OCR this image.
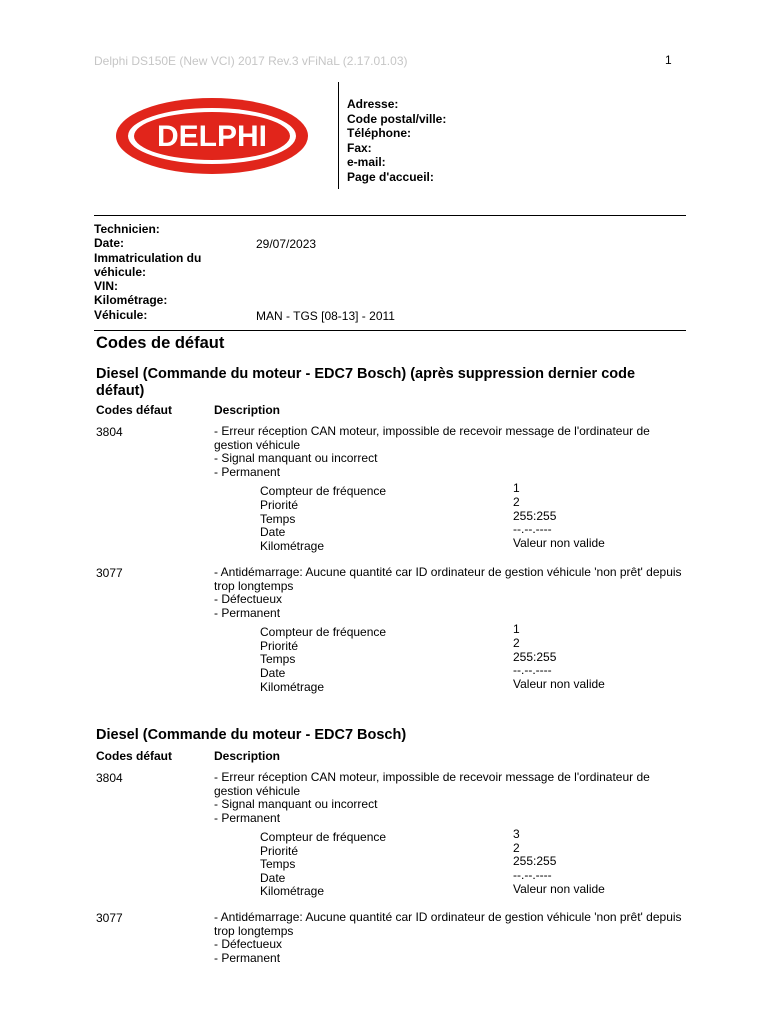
Delphi DS150E (New VCI) 2017 Rev.3 vFiNaL (2.17.01.03)	1
DELPHI
Adresse:
Code postal/ville:
Téléphone:
Fax:
e-mail:
Page d'accueil:
Technicien:
Date:	29/07/2023
Immatriculation du véhicule:
VIN:
Kilométrage:
Véhicule:	MAN - TGS [08-13] - 2011
Codes de défaut
Diesel (Commande du moteur - EDC7 Bosch) (après suppression dernier code défaut)
Codes défaut	Description
3804	- Erreur réception CAN moteur, impossible de recevoir message de l'ordinateur de gestion véhicule
- Signal manquant ou incorrect
- Permanent
Compteur de fréquence	1
Priorité	2
Temps	255:255
Date	--.--.----
Kilométrage	Valeur non valide
3077	- Antidémarrage: Aucune quantité car ID ordinateur de gestion véhicule 'non prêt' depuis trop longtemps
- Défectueux
- Permanent
Compteur de fréquence	1
Priorité	2
Temps	255:255
Date	--.--.----
Kilométrage	Valeur non valide
Diesel (Commande du moteur - EDC7 Bosch)
Codes défaut	Description
3804	- Erreur réception CAN moteur, impossible de recevoir message de l'ordinateur de gestion véhicule
- Signal manquant ou incorrect
- Permanent
Compteur de fréquence	3
Priorité	2
Temps	255:255
Date	--.--.----
Kilométrage	Valeur non valide
3077	- Antidémarrage: Aucune quantité car ID ordinateur de gestion véhicule 'non prêt' depuis trop longtemps
- Défectueux
- Permanent
